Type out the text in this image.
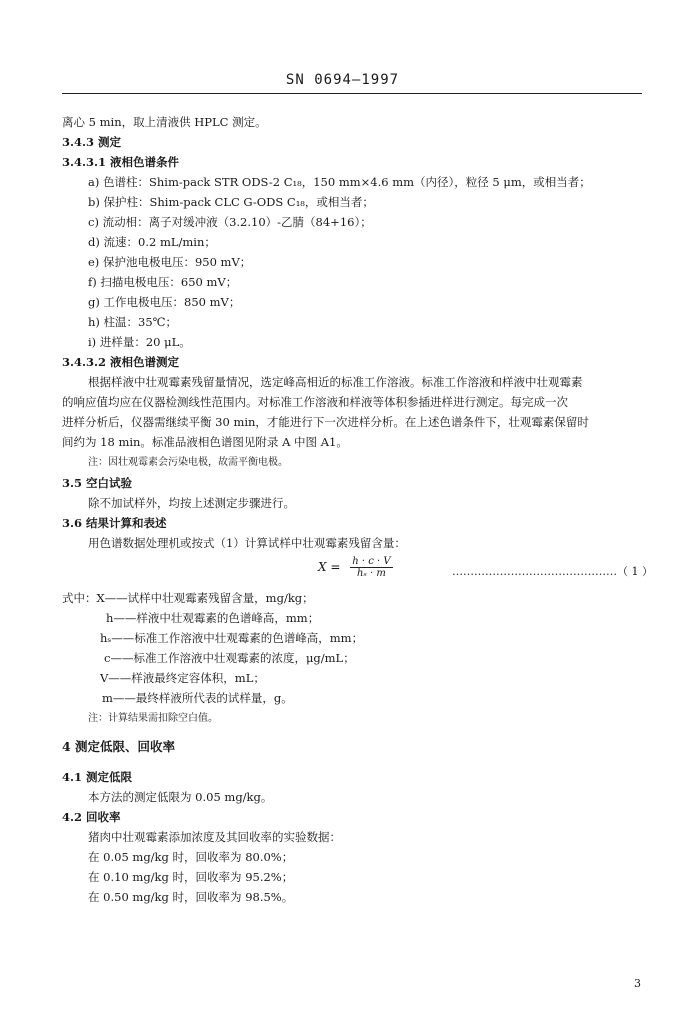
SN 0694—1997
离心 5 min，取上清液供 HPLC 测定。
3.4.3 测定
3.4.3.1 液相色谱条件
a) 色谱柱：Shim-pack STR ODS-2 C₁₈，150 mm×4.6 mm（内径），粒径 5 μm，或相当者；
b) 保护柱：Shim-pack CLC G-ODS C₁₈，或相当者；
c) 流动相：离子对缓冲液（3.2.10）-乙腈（84+16）；
d) 流速：0.2 mL/min；
e) 保护池电极电压：950 mV；
f) 扫描电极电压：650 mV；
g) 工作电极电压：850 mV；
h) 柱温：35℃；
i) 进样量：20 μL。
3.4.3.2 液相色谱测定
根据样液中壮观霉素残留量情况，选定峰高相近的标准工作溶液。标准工作溶液和样液中壮观霉素
的响应值均应在仪器检测线性范围内。对标准工作溶液和样液等体积参插进样进行测定。每完成一次
进样分析后，仪器需继续平衡 30 min，才能进行下一次进样分析。在上述色谱条件下，壮观霉素保留时
间约为 18 min。标准品液相色谱图见附录 A 中图 A1。
注：因壮观霉素会污染电极，故需平衡电极。
3.5 空白试验
除不加试样外，均按上述测定步骤进行。
3.6 结果计算和表述
用色谱数据处理机或按式（1）计算试样中壮观霉素残留含量：
$X = \frac{h \cdot c \cdot V}{\text{hₛ · m}}$	………………………………………（ 1 ）
式中：X——试样中壮观霉素残留含量，mg/kg；
h——样液中壮观霉素的色谱峰高，mm；
hₛ——标准工作溶液中壮观霉素的色谱峰高，mm；
c——标准工作溶液中壮观霉素的浓度，μg/mL；
V——样液最终定容体积，mL；
m——最终样液所代表的试样量，g。
注：计算结果需扣除空白值。
4 测定低限、回收率
4.1 测定低限
本方法的测定低限为 0.05 mg/kg。
4.2 回收率
猪肉中壮观霉素添加浓度及其回收率的实验数据：
在 0.05 mg/kg 时，回收率为 80.0%；
在 0.10 mg/kg 时，回收率为 95.2%；
在 0.50 mg/kg 时，回收率为 98.5%。
3
